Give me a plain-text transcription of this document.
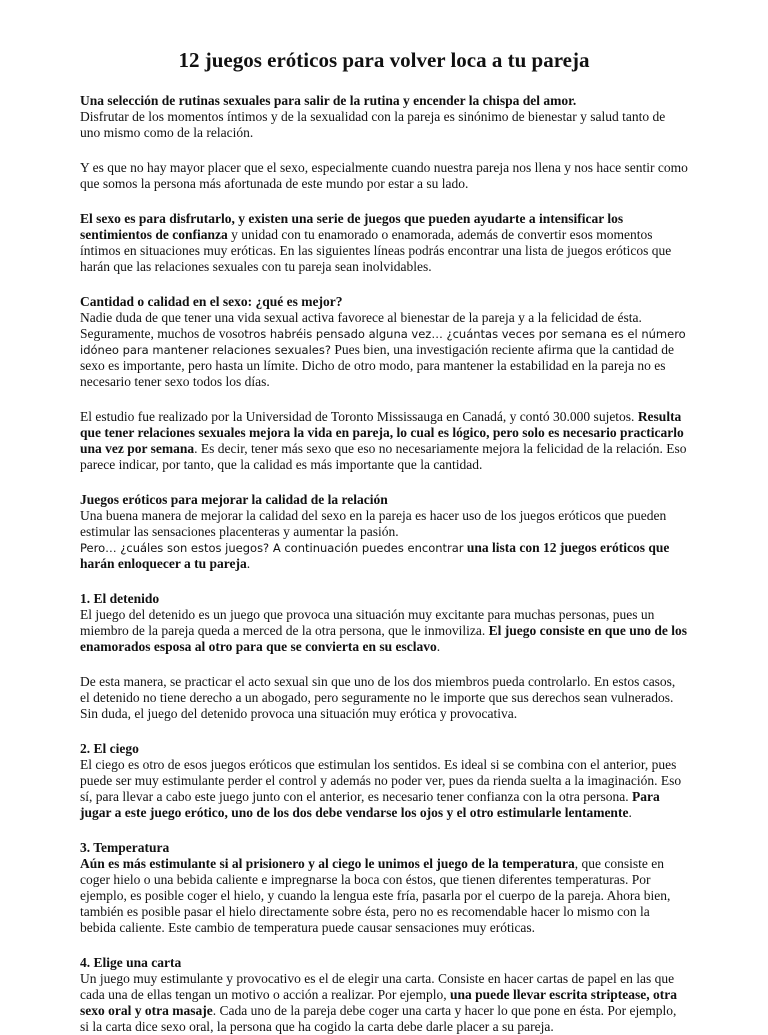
12 juegos eróticos para volver loca a tu pareja

Una selección de rutinas sexuales para salir de la rutina y encender la chispa del amor.
Disfrutar de los momentos íntimos y de la sexualidad con la pareja es sinónimo de bienestar y salud tanto de uno mismo como de la relación.

Y es que no hay mayor placer que el sexo, especialmente cuando nuestra pareja nos llena y nos hace sentir como que somos la persona más afortunada de este mundo por estar a su lado.

El sexo es para disfrutarlo, y existen una serie de juegos que pueden ayudarte a intensificar los sentimientos de confianza y unidad con tu enamorado o enamorada, además de convertir esos momentos íntimos en situaciones muy eróticas. En las siguientes líneas podrás encontrar una lista de juegos eróticos que harán que las relaciones sexuales con tu pareja sean inolvidables.

Cantidad o calidad en el sexo: ¿qué es mejor?
Nadie duda de que tener una vida sexual activa favorece al bienestar de la pareja y a la felicidad de ésta. Seguramente, muchos de vosotros habréis pensado alguna vez… ¿cuántas veces por semana es el número idóneo para mantener relaciones sexuales? Pues bien, una investigación reciente afirma que la cantidad de sexo es importante, pero hasta un límite. Dicho de otro modo, para mantener la estabilidad en la pareja no es necesario tener sexo todos los días.

El estudio fue realizado por la Universidad de Toronto Mississauga en Canadá, y contó 30.000 sujetos. Resulta que tener relaciones sexuales mejora la vida en pareja, lo cual es lógico, pero solo es necesario practicarlo una vez por semana. Es decir, tener más sexo que eso no necesariamente mejora la felicidad de la relación. Eso parece indicar, por tanto, que la calidad es más importante que la cantidad.

Juegos eróticos para mejorar la calidad de la relación
Una buena manera de mejorar la calidad del sexo en la pareja es hacer uso de los juegos eróticos que pueden estimular las sensaciones placenteras y aumentar la pasión.
Pero… ¿cuáles son estos juegos? A continuación puedes encontrar una lista con 12 juegos eróticos que harán enloquecer a tu pareja.

1. El detenido
El juego del detenido es un juego que provoca una situación muy excitante para muchas personas, pues un miembro de la pareja queda a merced de la otra persona, que le inmoviliza. El juego consiste en que uno de los enamorados esposa al otro para que se convierta en su esclavo.

De esta manera, se practicar el acto sexual sin que uno de los dos miembros pueda controlarlo. En estos casos, el detenido no tiene derecho a un abogado, pero seguramente no le importe que sus derechos sean vulnerados. Sin duda, el juego del detenido provoca una situación muy erótica y provocativa.

2. El ciego
El ciego es otro de esos juegos eróticos que estimulan los sentidos. Es ideal si se combina con el anterior, pues puede ser muy estimulante perder el control y además no poder ver, pues da rienda suelta a la imaginación. Eso sí, para llevar a cabo este juego junto con el anterior, es necesario tener confianza con la otra persona. Para jugar a este juego erótico, uno de los dos debe vendarse los ojos y el otro estimularle lentamente.

3. Temperatura
Aún es más estimulante si al prisionero y al ciego le unimos el juego de la temperatura, que consiste en coger hielo o una bebida caliente e impregnarse la boca con éstos, que tienen diferentes temperaturas. Por ejemplo, es posible coger el hielo, y cuando la lengua este fría, pasarla por el cuerpo de la pareja. Ahora bien, también es posible pasar el hielo directamente sobre ésta, pero no es recomendable hacer lo mismo con la bebida caliente. Este cambio de temperatura puede causar sensaciones muy eróticas.

4. Elige una carta
Un juego muy estimulante y provocativo es el de elegir una carta. Consiste en hacer cartas de papel en las que cada una de ellas tengan un motivo o acción a realizar. Por ejemplo, una puede llevar escrita striptease, otra sexo oral y otra masaje. Cada uno de la pareja debe coger una carta y hacer lo que pone en ésta. Por ejemplo, si la carta dice sexo oral, la persona que ha cogido la carta debe darle placer a su pareja.
